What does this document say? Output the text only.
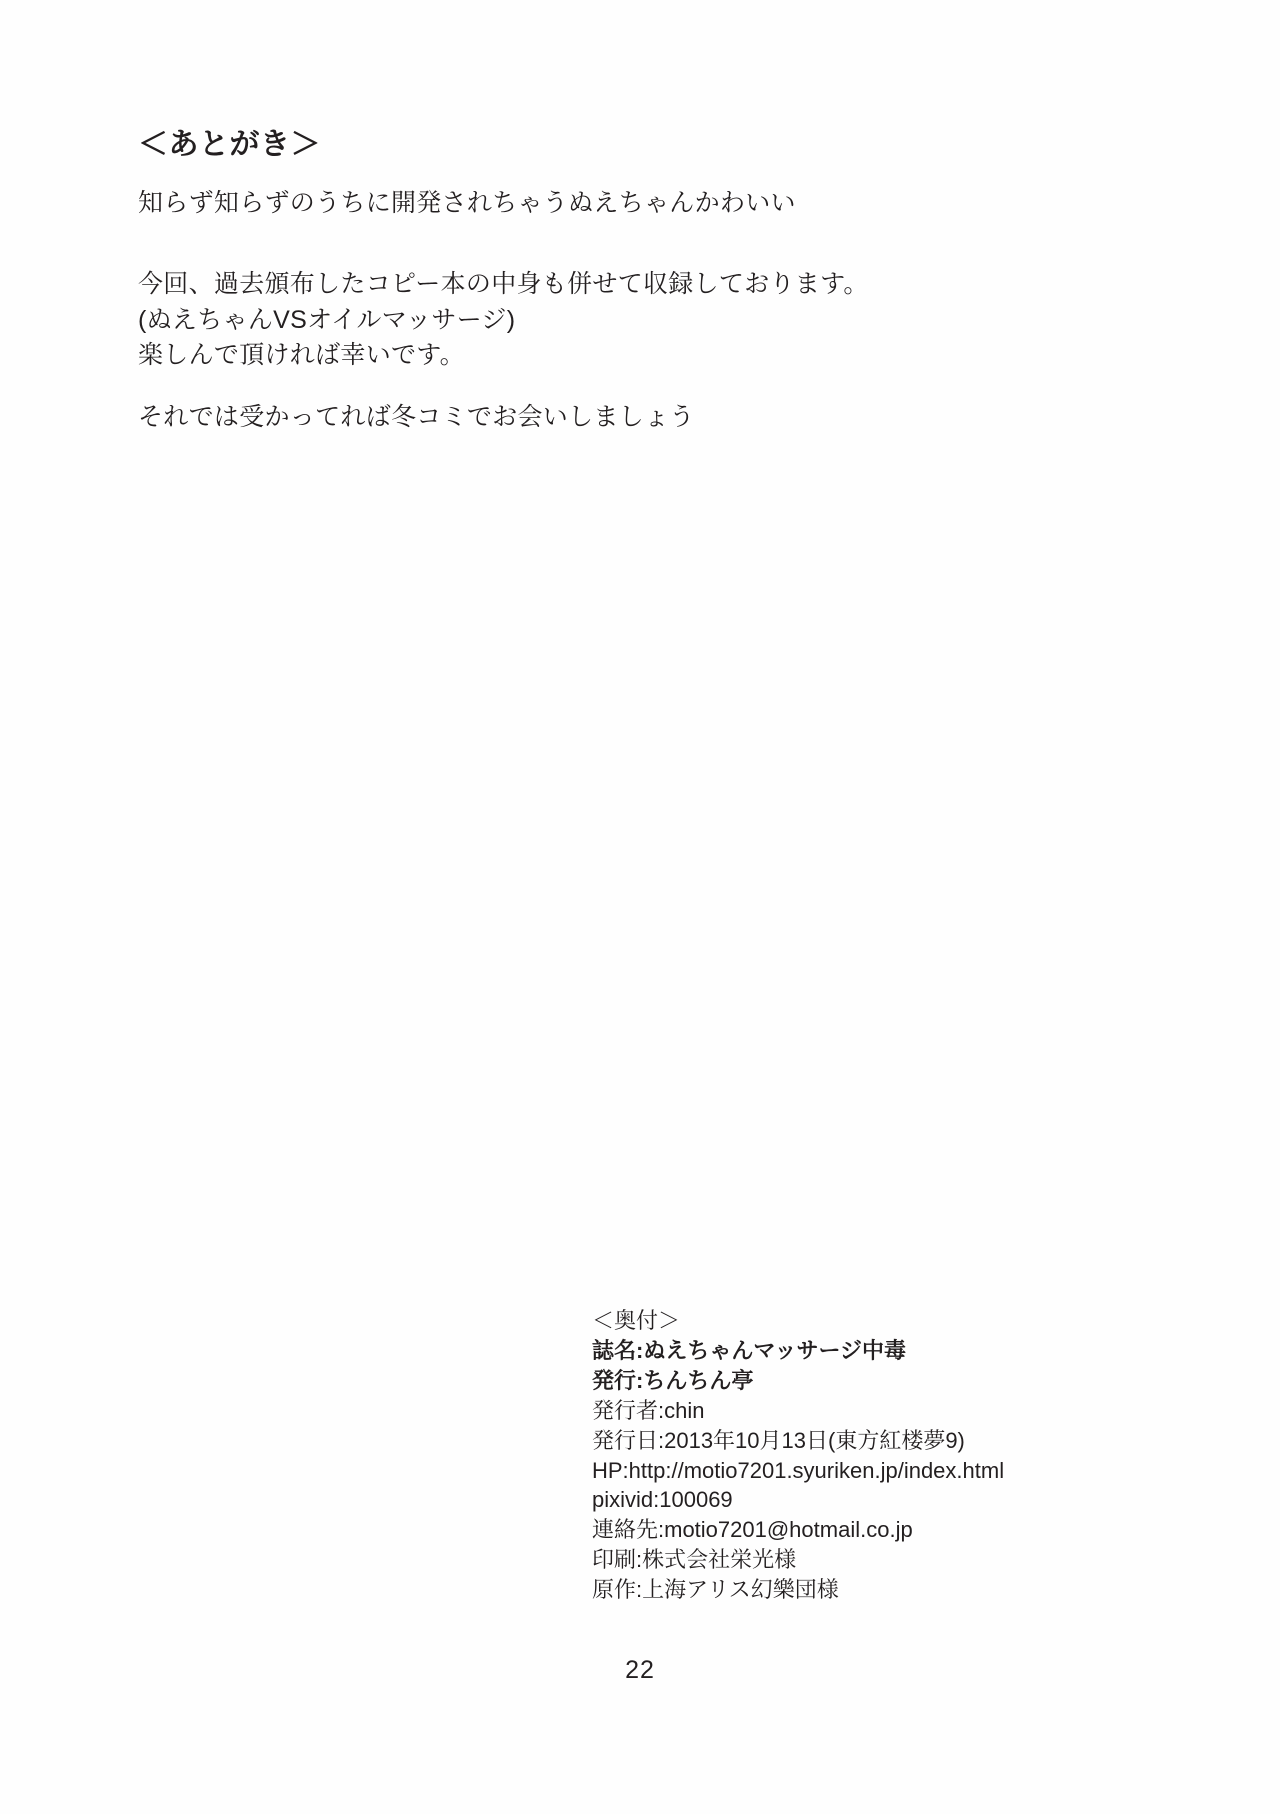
＜あとがき＞

知らず知らずのうちに開発されちゃうぬえちゃんかわいい

今回、過去頒布したコピー本の中身も併せて収録しております。

(ぬえちゃんVSオイルマッサージ)

楽しんで頂ければ幸いです。

それでは受かってれば冬コミでお会いしましょう

＜奥付＞

誌名:ぬえちゃんマッサージ中毒

発行:ちんちん亭

発行者:chin

発行日:2013年10月13日(東方紅楼夢9)

HP:http://motio7201.syuriken.jp/index.html

pixivid:100069

連絡先:motio7201@hotmail.co.jp

印刷:株式会社栄光様

原作:上海アリス幻樂団様

22
